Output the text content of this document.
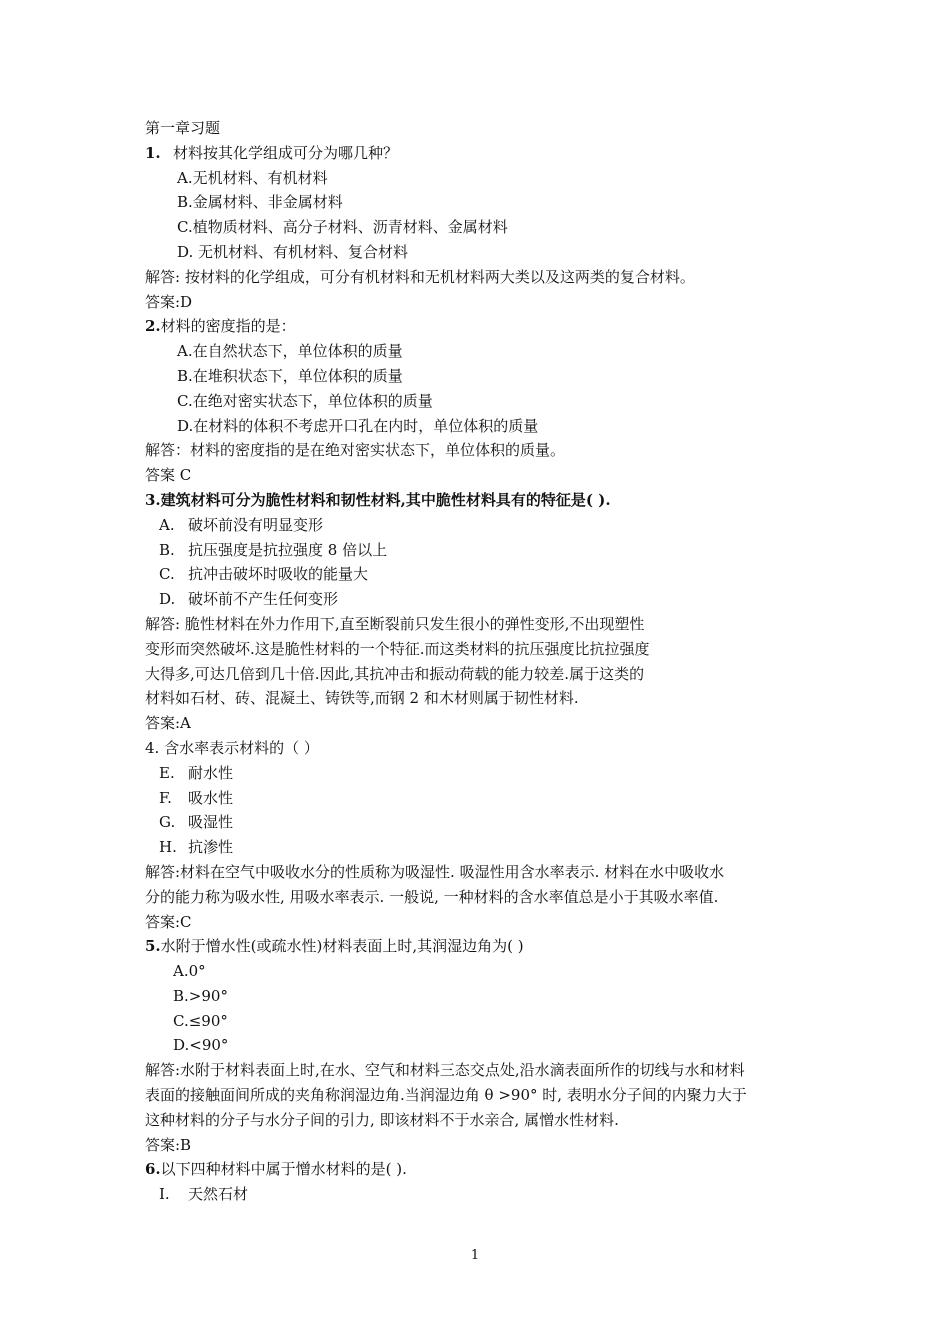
第一章习题
1. 材料按其化学组成可分为哪几种？
A.无机材料、有机材料
B.金属材料、非金属材料
C.植物质材料、高分子材料、沥青材料、金属材料
D. 无机材料、有机材料、复合材料
解答: 按材料的化学组成，可分有机材料和无机材料两大类以及这两类的复合材料。
答案:D
2.材料的密度指的是：
A.在自然状态下，单位体积的质量
B.在堆积状态下，单位体积的质量
C.在绝对密实状态下，单位体积的质量
D.在材料的体积不考虑开口孔在内时，单位体积的质量
解答：材料的密度指的是在绝对密实状态下，单位体积的质量。
答案 C
3.建筑材料可分为脆性材料和韧性材料,其中脆性材料具有的特征是( ).
A. 破坏前没有明显变形
B. 抗压强度是抗拉强度 8 倍以上
C. 抗冲击破坏时吸收的能量大
D. 破坏前不产生任何变形
解答: 脆性材料在外力作用下,直至断裂前只发生很小的弹性变形,不出现塑性
变形而突然破坏.这是脆性材料的一个特征.而这类材料的抗压强度比抗拉强度
大得多,可达几倍到几十倍.因此,其抗冲击和振动荷载的能力较差.属于这类的
材料如石材、砖、混凝土、铸铁等,而钢 2 和木材则属于韧性材料.
答案:A
4. 含水率表示材料的（ ）
E. 耐水性
F. 吸水性
G. 吸湿性
H. 抗渗性
解答:材料在空气中吸收水分的性质称为吸湿性. 吸湿性用含水率表示. 材料在水中吸收水
分的能力称为吸水性, 用吸水率表示. 一般说, 一种材料的含水率值总是小于其吸水率值.
答案:C
5.水附于憎水性(或疏水性)材料表面上时,其润湿边角为( )
A.0°
B.>90°
C.≤90°
D.<90°
解答:水附于材料表面上时,在水、空气和材料三态交点处,沿水滴表面所作的切线与水和材料
表面的接触面间所成的夹角称润湿边角.当润湿边角 θ >90° 时, 表明水分子间的内聚力大于
这种材料的分子与水分子间的引力, 即该材料不于水亲合, 属憎水性材料.
答案:B
6.以下四种材料中属于憎水材料的是( ).
I. 天然石材
1
